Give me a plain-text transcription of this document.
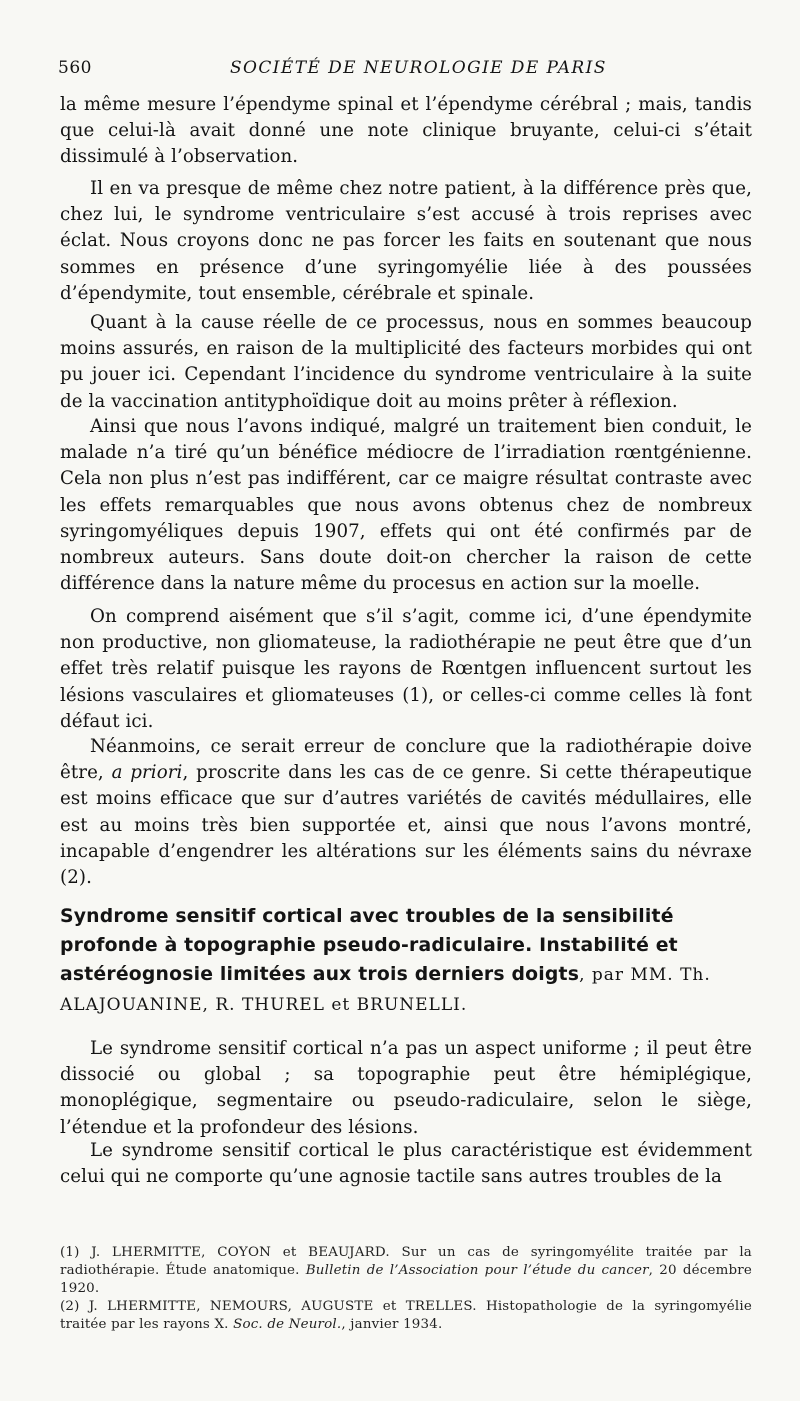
560	SOCIÉTÉ DE NEUROLOGIE DE PARIS

la même mesure l’épendyme spinal et l’épendyme cérébral ; mais, tandis que celui-là avait donné une note clinique bruyante, celui-ci s’était dissimulé à l’observation.

Il en va presque de même chez notre patient, à la différence près que, chez lui, le syndrome ventriculaire s’est accusé à trois reprises avec éclat. Nous croyons donc ne pas forcer les faits en soutenant que nous sommes en présence d’une syringomyélie liée à des poussées d’épendymite, tout ensemble, cérébrale et spinale.

Quant à la cause réelle de ce processus, nous en sommes beaucoup moins assurés, en raison de la multiplicité des facteurs morbides qui ont pu jouer ici. Cependant l’incidence du syndrome ventriculaire à la suite de la vaccination antityphoïdique doit au moins prêter à réflexion.

Ainsi que nous l’avons indiqué, malgré un traitement bien conduit, le malade n’a tiré qu’un bénéfice médiocre de l’irradiation rœntgénienne. Cela non plus n’est pas indifférent, car ce maigre résultat contraste avec les effets remarquables que nous avons obtenus chez de nombreux syringomyéliques depuis 1907, effets qui ont été confirmés par de nombreux auteurs. Sans doute doit-on chercher la raison de cette différence dans la nature même du procesus en action sur la moelle.

On comprend aisément que s’il s’agit, comme ici, d’une épendymite non productive, non gliomateuse, la radiothérapie ne peut être que d’un effet très relatif puisque les rayons de Rœntgen influencent surtout les lésions vasculaires et gliomateuses (1), or celles-ci comme celles là font défaut ici.

Néanmoins, ce serait erreur de conclure que la radiothérapie doive être, a priori, proscrite dans les cas de ce genre. Si cette thérapeutique est moins efficace que sur d’autres variétés de cavités médullaires, elle est au moins très bien supportée et, ainsi que nous l’avons montré, incapable d’engendrer les altérations sur les éléments sains du névraxe (2).

Syndrome sensitif cortical avec troubles de la sensibilité profonde à topographie pseudo-radiculaire. Instabilité et astéréognosie limitées aux trois derniers doigts, par MM. Th. ALAJOUANINE, R. THUREL et BRUNELLI.

Le syndrome sensitif cortical n’a pas un aspect uniforme ; il peut être dissocié ou global ; sa topographie peut être hémiplégique, monoplégique, segmentaire ou pseudo-radiculaire, selon le siège, l’étendue et la profondeur des lésions.

Le syndrome sensitif cortical le plus caractéristique est évidemment celui qui ne comporte qu’une agnosie tactile sans autres troubles de la

(1) J. LHERMITTE, COYON et BEAUJARD. Sur un cas de syringomyélite traitée par la radiothérapie. Étude anatomique. Bulletin de l’Association pour l’étude du cancer, 20 décembre 1920.

(2) J. LHERMITTE, NEMOURS, AUGUSTE et TRELLES. Histopathologie de la syringomyélie traitée par les rayons X. Soc. de Neurol., janvier 1934.
